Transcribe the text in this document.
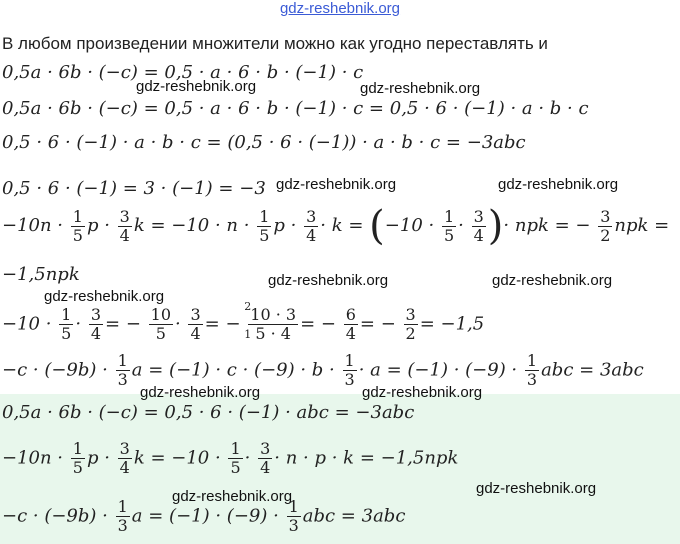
gdz-reshebnik.org
В любом произведении множители можно как угодно переставлять и
0,5a · 6b · (−c) = 0,5 · a · 6 · b · (−1) · c
0,5a · 6b · (−c) = 0,5 · a · 6 · b · (−1) · c = 0,5 · 6 · (−1) · a · b · c
0,5 · 6 · (−1) · a · b · c = (0,5 · 6 · (−1)) · a · b · c = −3abc
0,5 · 6 · (−1) = 3 · (−1) = −3
$-10n \cdot \frac{1}{5}$ $p \cdot \frac{3}{4}$ $k = -10 \cdot n \cdot \frac{1}{5}$ $p \cdot \frac{3}{4} \cdot k = (-10 \cdot \frac{1}{5} \cdot \frac{3}{4}$ )· npk = − $\frac{3}{2}$ npk =
−1,5npk
$-10 \cdot \frac{1}{5} \cdot \frac{3}{4}$ = − $\frac{10}{5} \cdot \frac{3}{4}$ = − 10 · 3
5 · 4
2
1	= − $\frac{6}{4}$ = − $\frac{3}{2} = -1,5$
$-c \cdot (-9b) \cdot \frac{1}{3}$ $a = (-1) \cdot c \cdot (-9) \cdot b \cdot \frac{1}{3} \cdot a = (-1) \cdot (-9) \cdot \frac{1}{3}$ abc = 3abc
0,5a · 6b · (−c) = 0,5 · 6 · (−1) · abc = −3abc
$-10n \cdot \frac{1}{5}$ $p \cdot \frac{3}{4}$ $k = -10 \cdot \frac{1}{5} \cdot \frac{3}{4} \cdot n \cdot p \cdot k = -1,5npk$
$-c \cdot (-9b) \cdot \frac{1}{3}$ $a = (-1) \cdot (-9) \cdot \frac{1}{3}$ abc = 3abc
gdz-reshebnik.org	gdz-reshebnik.org
gdz-reshebnik.org	gdz-reshebnik.org
gdz-reshebnik.org	gdz-reshebnik.org
gdz-reshebnik.org
gdz-reshebnik.org	gdz-reshebnik.org
gdz-reshebnik.org	gdz-reshebnik.org
